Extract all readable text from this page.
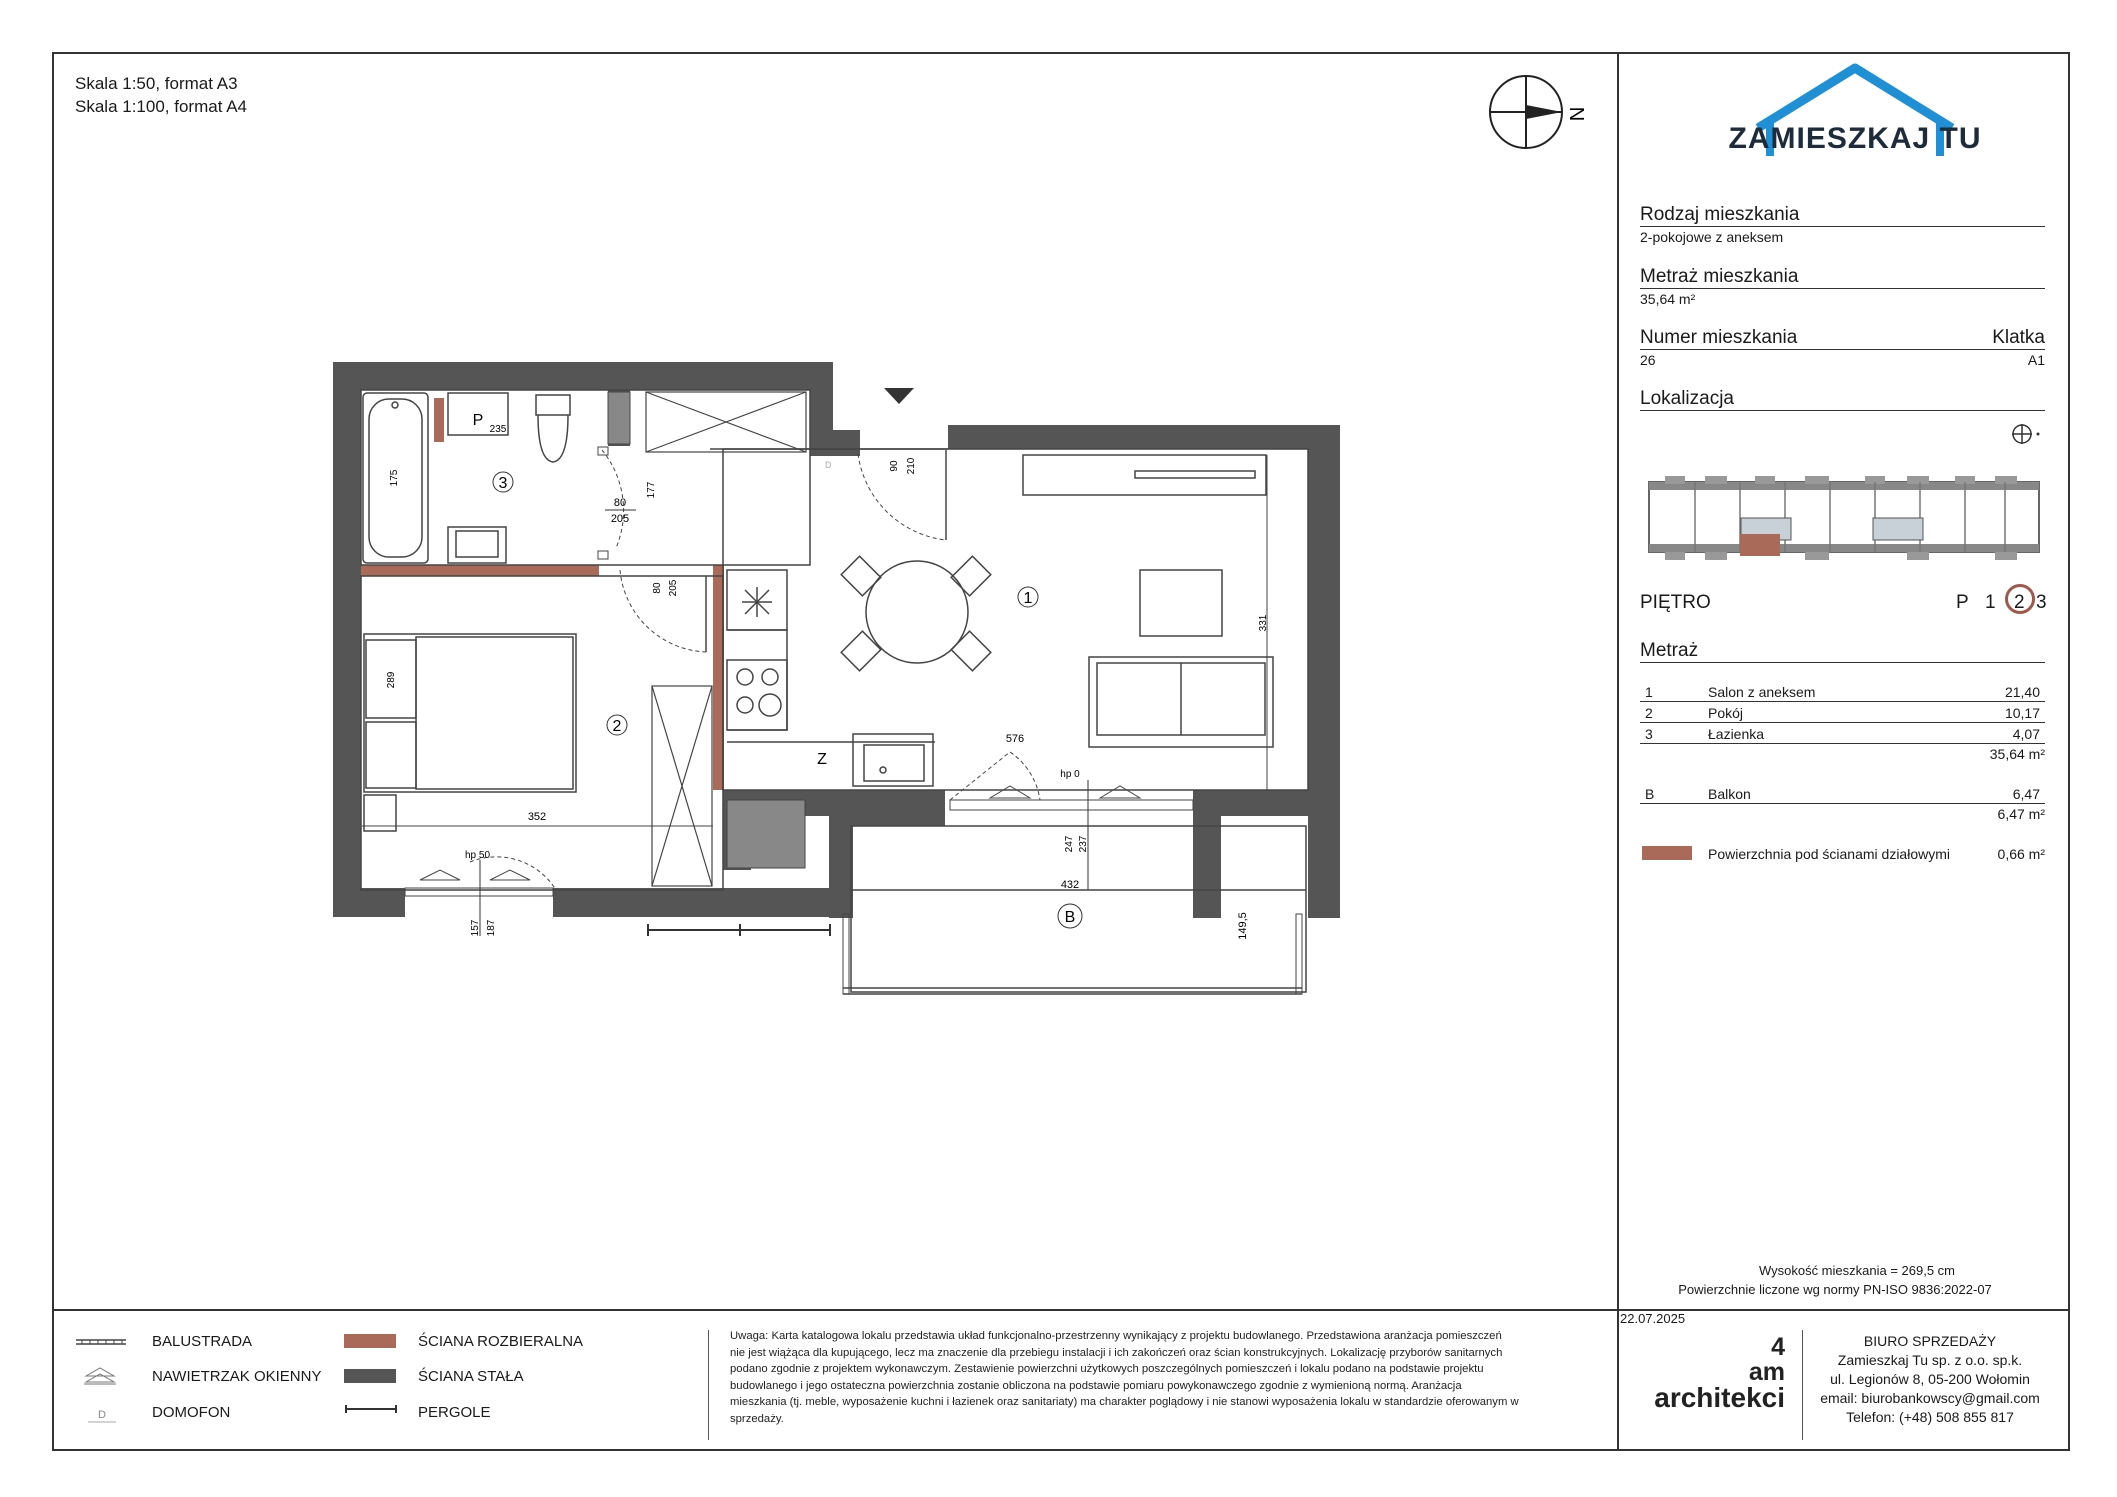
Skala 1:50, format A3
Skala 1:100, format A4	N
ZAMIESZKAJ TU
Rodzaj mieszkania
2-pokojowe z aneksem
Metraż mieszkania
35,64 m²
Numer mieszkania	Klatka
26	A1
Lokalizacja
PIĘTRO	P 1 2 3
Metraż
1	Salon z aneksem	21,40
2	Pokój	10,17
3	Łazienka	4,07
35,64 m²
B	Balkon	6,47
6,47 m²
Powierzchnia pod ścianami działowymi	0,66 m²
Wysokość mieszkania = 269,5 cm
Powierzchnie liczone wg normy PN-ISO 9836:2022-07
D
BALUSTRADA
NAWIETRZAK OKIENNY
DOMOFON
ŚCIANA ROZBIERALNA
ŚCIANA STAŁA
PERGOLE
Uwaga: Karta katalogowa lokalu przedstawia układ funkcjonalno-przestrzenny wynikający z projektu budowlanego. Przedstawiona aranżacja pomieszczeń
nie jest wiążąca dla kupującego, lecz ma znaczenie dla przebiegu instalacji i ich zakończeń oraz ścian konstrukcyjnych. Lokalizację przyborów sanitarnych
podano zgodnie z projektem wykonawczym. Zestawienie powierzchni użytkowych poszczególnych pomieszczeń i lokalu podano na podstawie projektu
budowlanego i jego ostateczna powierzchnia zostanie obliczona na podstawie pomiaru powykonawczego zgodnie z wymienioną normą. Aranżacja
mieszkania (tj. meble, wyposażenie kuchni i łazienek oraz sanitariaty) ma charakter poglądowy i nie stanowi wyposażenia lokalu w standardzie oferowanym w
sprzedaży.
22.07.2025
4
am
architekci
BIURO SPRZEDAŻY
Zamieszkaj Tu sp. z o.o. sp.k.
ul. Legionów 8, 05-200 Wołomin
email: biurobankowscy@gmail.com
Telefon: (+48) 508 855 817
P
235
3
175
80
205
177
D	90 210
80 205
289
2
352
hp 50
157 187
Z
1
331
576
hp 0
247 237
432
B	149,5
